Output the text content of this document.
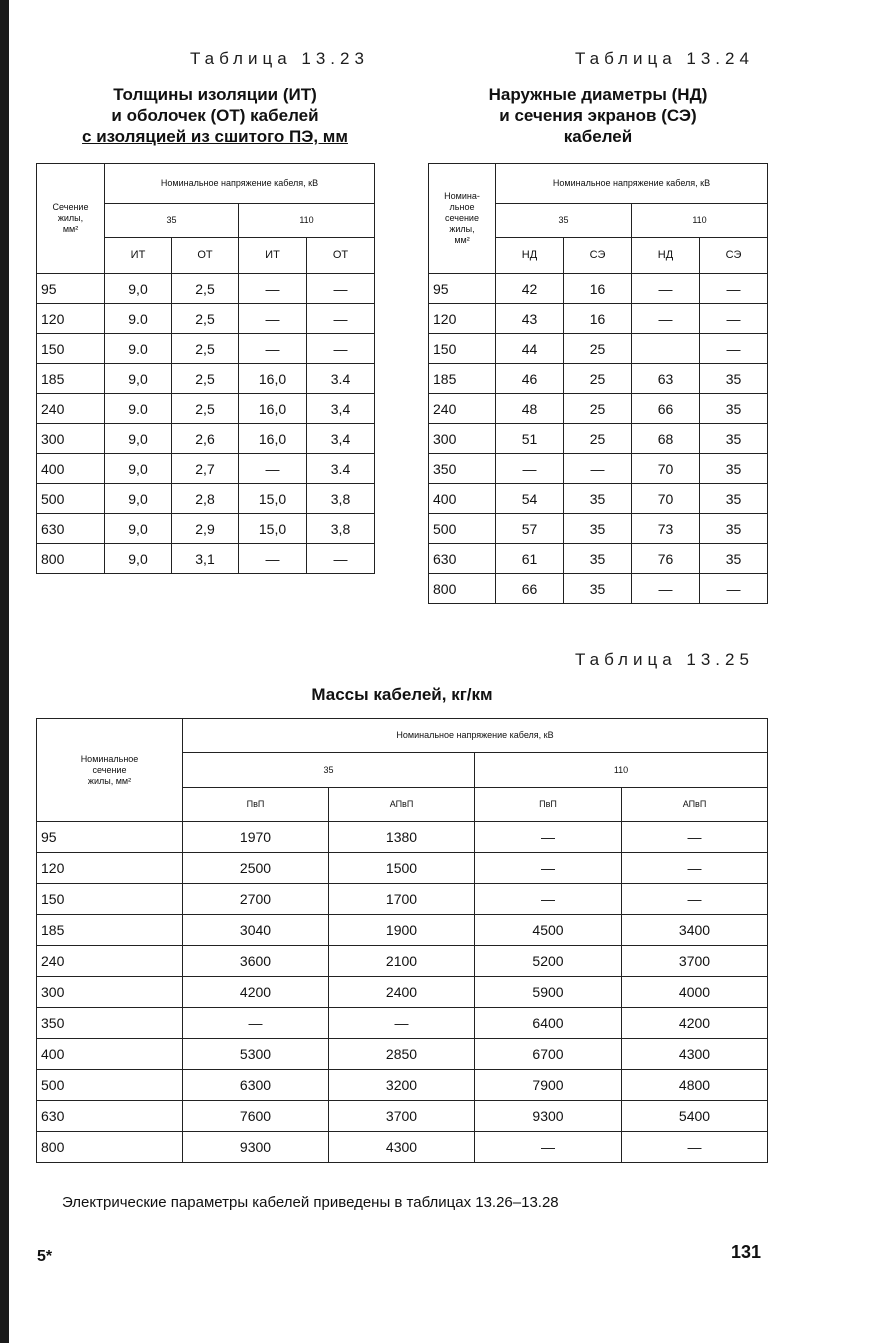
Таблица 13.23
Толщины изоляции (ИТ)
и оболочек (ОТ) кабелей
с изоляцией из сшитого ПЭ, мм
Сечение
жилы,
мм²	Номинальное напряжение кабеля, кВ			
	35		110	
	ИТ	ОТ	ИТ	ОТ
95	9,0	2,5	—	—
120	9.0	2,5	—	—
150	9.0	2,5	—	—
185	9,0	2,5	16,0	3.4
240	9.0	2,5	16,0	3,4
300	9,0	2,6	16,0	3,4
400	9,0	2,7	—	3.4
500	9,0	2,8	15,0	3,8
630	9,0	2,9	15,0	3,8
800	9,0	3,1	—	—
Таблица 13.24
Наружные диаметры (НД)
и сечения экранов (СЭ)
кабелей
Номина-
льное
сечение
жилы,
мм²	Номинальное напряжение кабеля, кВ			
	35		110	
	НД	СЭ	НД	СЭ
95	42	16	—	—
120	43	16	—	—
150	44	25		—
185	46	25	63	35
240	48	25	66	35
300	51	25	68	35
350	—	—	70	35
400	54	35	70	35
500	57	35	73	35
630	61	35	76	35
800	66	35	—	—
Таблица 13.25
Массы кабелей, кг/км
Номинальное
сечение
жилы, мм²	Номинальное напряжение кабеля, кВ			
	35		110	
	ПвП	АПвП	ПвП	АПвП
95	1970	1380	—	—
120	2500	1500	—	—
150	2700	1700	—	—
185	3040	1900	4500	3400
240	3600	2100	5200	3700
300	4200	2400	5900	4000
350	—	—	6400	4200
400	5300	2850	6700	4300
500	6300	3200	7900	4800
630	7600	3700	9300	5400
800	9300	4300	—	—
Электрические параметры кабелей приведены в таблицах 13.26–13.28
5*	131
